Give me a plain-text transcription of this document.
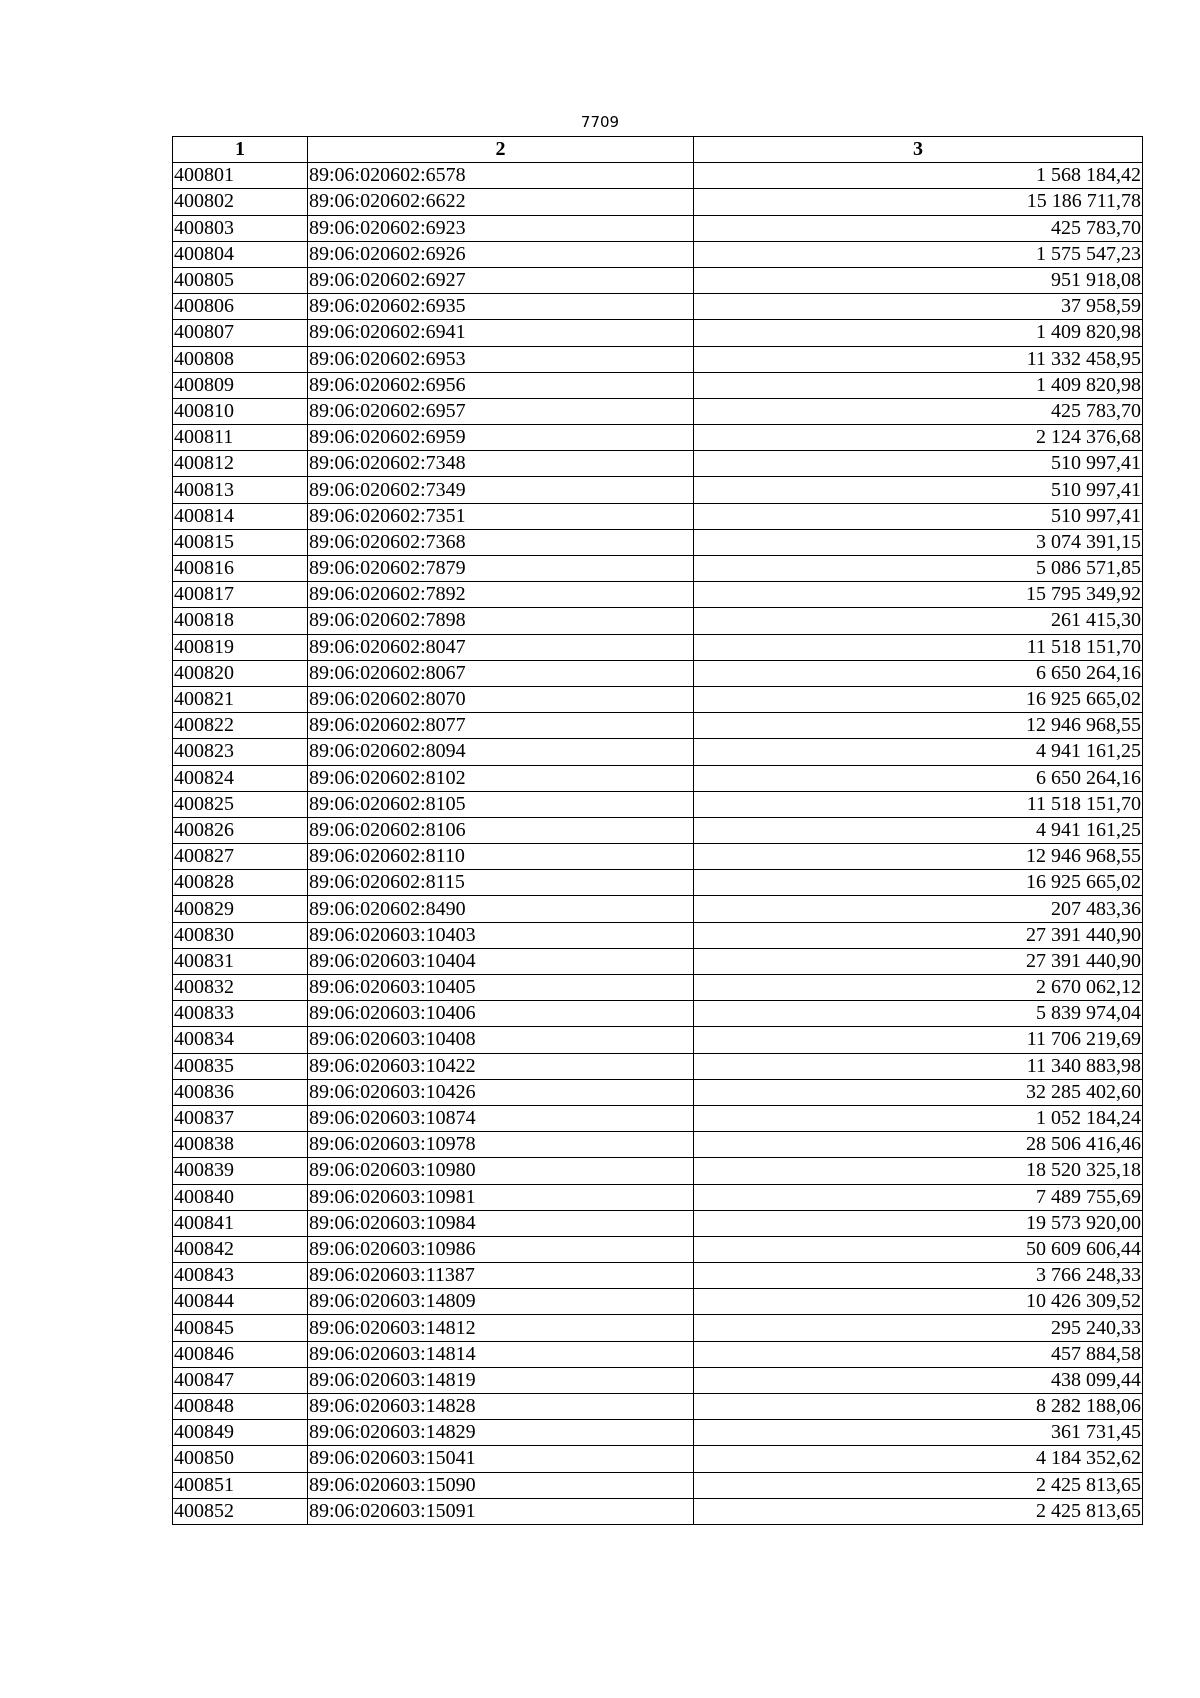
7709
1	2	3
400801	89:06:020602:6578	1 568 184,42
400802	89:06:020602:6622	15 186 711,78
400803	89:06:020602:6923	425 783,70
400804	89:06:020602:6926	1 575 547,23
400805	89:06:020602:6927	951 918,08
400806	89:06:020602:6935	37 958,59
400807	89:06:020602:6941	1 409 820,98
400808	89:06:020602:6953	11 332 458,95
400809	89:06:020602:6956	1 409 820,98
400810	89:06:020602:6957	425 783,70
400811	89:06:020602:6959	2 124 376,68
400812	89:06:020602:7348	510 997,41
400813	89:06:020602:7349	510 997,41
400814	89:06:020602:7351	510 997,41
400815	89:06:020602:7368	3 074 391,15
400816	89:06:020602:7879	5 086 571,85
400817	89:06:020602:7892	15 795 349,92
400818	89:06:020602:7898	261 415,30
400819	89:06:020602:8047	11 518 151,70
400820	89:06:020602:8067	6 650 264,16
400821	89:06:020602:8070	16 925 665,02
400822	89:06:020602:8077	12 946 968,55
400823	89:06:020602:8094	4 941 161,25
400824	89:06:020602:8102	6 650 264,16
400825	89:06:020602:8105	11 518 151,70
400826	89:06:020602:8106	4 941 161,25
400827	89:06:020602:8110	12 946 968,55
400828	89:06:020602:8115	16 925 665,02
400829	89:06:020602:8490	207 483,36
400830	89:06:020603:10403	27 391 440,90
400831	89:06:020603:10404	27 391 440,90
400832	89:06:020603:10405	2 670 062,12
400833	89:06:020603:10406	5 839 974,04
400834	89:06:020603:10408	11 706 219,69
400835	89:06:020603:10422	11 340 883,98
400836	89:06:020603:10426	32 285 402,60
400837	89:06:020603:10874	1 052 184,24
400838	89:06:020603:10978	28 506 416,46
400839	89:06:020603:10980	18 520 325,18
400840	89:06:020603:10981	7 489 755,69
400841	89:06:020603:10984	19 573 920,00
400842	89:06:020603:10986	50 609 606,44
400843	89:06:020603:11387	3 766 248,33
400844	89:06:020603:14809	10 426 309,52
400845	89:06:020603:14812	295 240,33
400846	89:06:020603:14814	457 884,58
400847	89:06:020603:14819	438 099,44
400848	89:06:020603:14828	8 282 188,06
400849	89:06:020603:14829	361 731,45
400850	89:06:020603:15041	4 184 352,62
400851	89:06:020603:15090	2 425 813,65
400852	89:06:020603:15091	2 425 813,65
